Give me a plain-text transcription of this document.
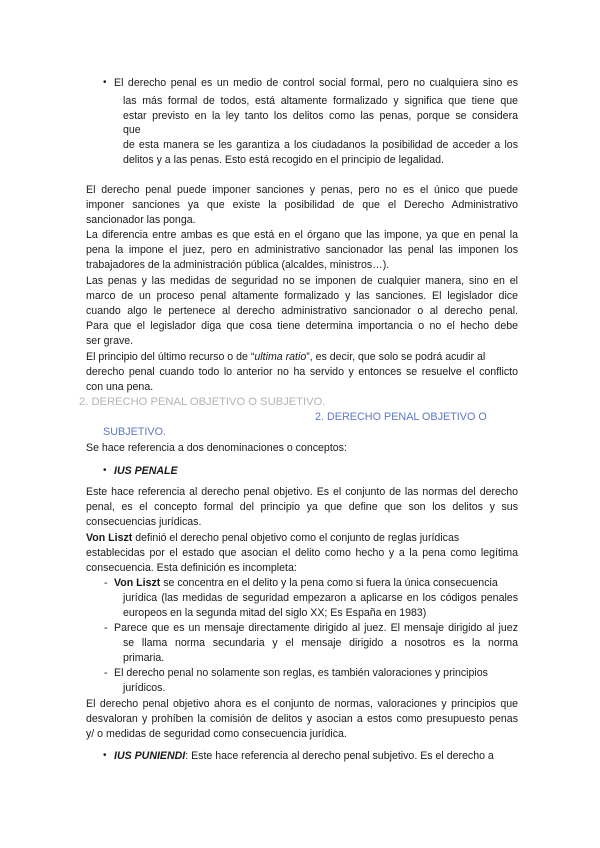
• El derecho penal es un medio de control social formal, pero no cualquiera sino es
las más formal de todos, está altamente formalizado y significa que tiene que
estar previsto en la ley tanto los delitos como las penas, porque se considera
que
de esta manera se les garantiza a los ciudadanos la posibilidad de acceder a los
delitos y a las penas. Esto está recogido en el principio de legalidad.
El derecho penal puede imponer sanciones y penas, pero no es el único que puede
imponer sanciones ya que existe la posibilidad de que el Derecho Administrativo
sancionador las ponga.
La diferencia entre ambas es que está en el órgano que las impone, ya que en penal la
pena la impone el juez, pero en administrativo sancionador las penal las imponen los
trabajadores de la administración pública (alcaldes, ministros…).
Las penas y las medidas de seguridad no se imponen de cualquier manera, sino en el
marco de un proceso penal altamente formalizado y las sanciones. El legislador dice
cuando algo le pertenece al derecho administrativo sancionador o al derecho penal.
Para que el legislador diga que cosa tiene determina importancia o no el hecho debe
ser grave.
El principio del último recurso o de “ultima ratio”, es decir, que solo se podrá acudir al
derecho penal cuando todo lo anterior no ha servido y entonces se resuelve el conflicto
con una pena.
2. DERECHO PENAL OBJETIVO O SUBJETIVO.
2. DERECHO PENAL OBJETIVO O
SUBJETIVO.
Se hace referencia a dos denominaciones o conceptos:
• IUS PENALE
Este hace referencia al derecho penal objetivo. Es el conjunto de las normas del derecho
penal, es el concepto formal del principio ya que define que son los delitos y sus
consecuencias jurídicas.
Von Liszt definió el derecho penal objetivo como el conjunto de reglas jurídicas
establecidas por el estado que asocian el delito como hecho y a la pena como legítima
consecuencia. Esta definición es incompleta:
- Von Liszt se concentra en el delito y la pena como si fuera la única consecuencia
jurídica (las medidas de seguridad empezaron a aplicarse en los códigos penales
europeos en la segunda mitad del siglo XX; Es España en 1983)
- Parece que es un mensaje directamente dirigido al juez. El mensaje dirigido al juez
se llama norma secundaria y el mensaje dirigido a nosotros es la norma
primaria.
- El derecho penal no solamente son reglas, es también valoraciones y principios
jurídicos.
El derecho penal objetivo ahora es el conjunto de normas, valoraciones y principios que
desvaloran y prohíben la comisión de delitos y asocian a estos como presupuesto penas
y/ o medidas de seguridad como consecuencia jurídica.
• IUS PUNIENDI: Este hace referencia al derecho penal subjetivo. Es el derecho a
